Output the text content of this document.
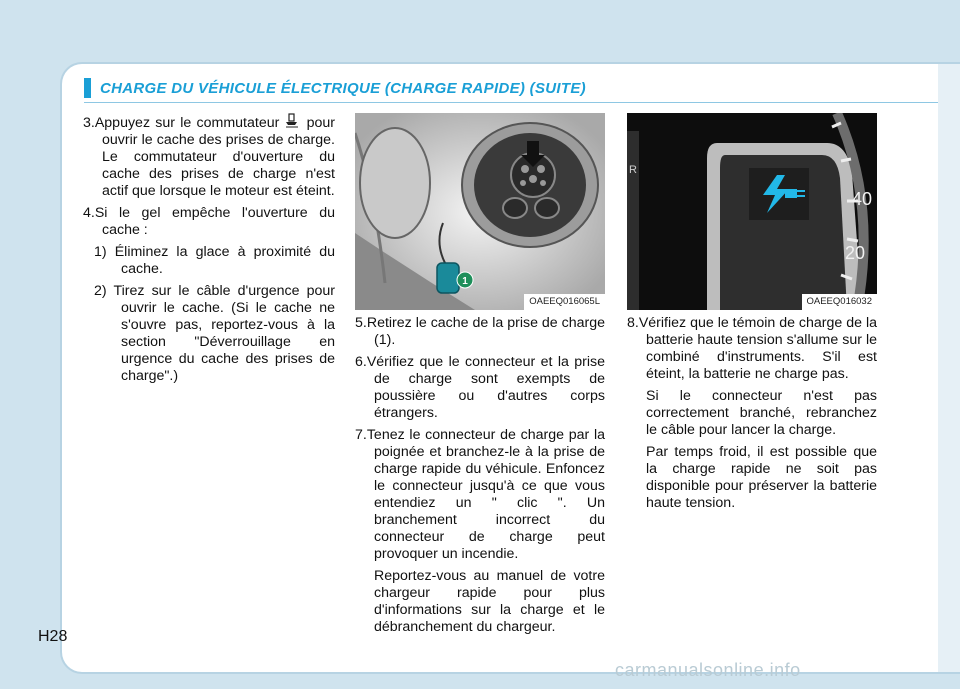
CHARGE DU VÉHICULE ÉLECTRIQUE (CHARGE RAPIDE) (SUITE)

3.Appuyez sur le commutateur pour ouvrir le cache des prises de charge. Le commutateur d'ouverture du cache des prises de charge n'est actif que lorsque le moteur est éteint.

4.Si le gel empêche l'ouverture du cache :

1) Éliminez la glace à proximité du cache.

2) Tirez sur le câble d'urgence pour ouvrir le cache. (Si le cache ne s'ouvre pas, reportez-vous à la section "Déverrouillage en urgence du cache des prises de charge".)

1
OAEEQ016065L
R
40
20
OAEEQ016032

5.Retirez le cache de la prise de charge (1).

6.Vérifiez que le connecteur et la prise de charge sont exempts de poussière ou d'autres corps étrangers.

7.Tenez le connecteur de charge par la poignée et branchez-le à la prise de charge rapide du véhicule. Enfoncez le connecteur jusqu'à ce que vous entendiez un " clic ". Un branchement incorrect du connecteur de charge peut provoquer un incendie.

Reportez-vous au manuel de votre chargeur rapide pour plus d'informations sur la charge et le débranchement du chargeur.

8.Vérifiez que le témoin de charge de la batterie haute tension s'allume sur le combiné d'instruments. S'il est éteint, la batterie ne charge pas.

Si le connecteur n'est pas correctement branché, rebranchez le câble pour lancer la charge.

Par temps froid, il est possible que la charge rapide ne soit pas disponible pour préserver la batterie haute tension.

H28
carmanualsonline.info
